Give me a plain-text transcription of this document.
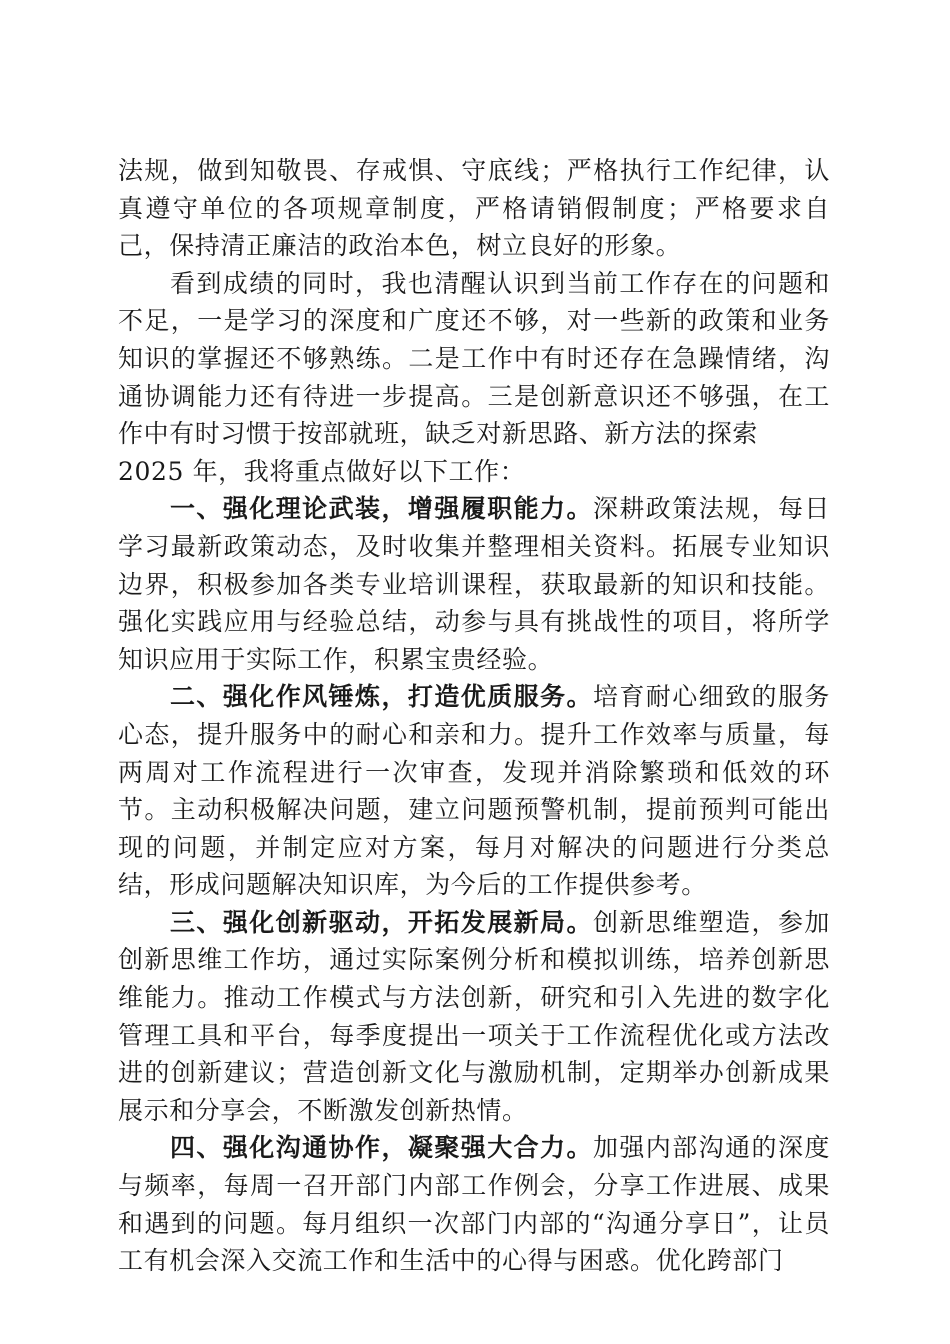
法规，做到知敬畏、存戒惧、守底线；严格执行工作纪律，认真遵守单位的各项规章制度，严格请销假制度；严格要求自己，保持清正廉洁的政治本色，树立良好的形象。

看到成绩的同时，我也清醒认识到当前工作存在的问题和不足，一是学习的深度和广度还不够，对一些新的政策和业务知识的掌握还不够熟练。二是工作中有时还存在急躁情绪，沟通协调能力还有待进一步提高。三是创新意识还不够强，在工作中有时习惯于按部就班，缺乏对新思路、新方法的探索

2025 年，我将重点做好以下工作：

一、强化理论武装，增强履职能力。深耕政策法规，每日学习最新政策动态，及时收集并整理相关资料。拓展专业知识边界，积极参加各类专业培训课程，获取最新的知识和技能。强化实践应用与经验总结，动参与具有挑战性的项目，将所学知识应用于实际工作，积累宝贵经验。

二、强化作风锤炼，打造优质服务。培育耐心细致的服务心态，提升服务中的耐心和亲和力。提升工作效率与质量，每两周对工作流程进行一次审查，发现并消除繁琐和低效的环节。主动积极解决问题，建立问题预警机制，提前预判可能出现的问题，并制定应对方案，每月对解决的问题进行分类总结，形成问题解决知识库，为今后的工作提供参考。

三、强化创新驱动，开拓发展新局。创新思维塑造，参加创新思维工作坊，通过实际案例分析和模拟训练，培养创新思维能力。推动工作模式与方法创新，研究和引入先进的数字化管理工具和平台，每季度提出一项关于工作流程优化或方法改进的创新建议；营造创新文化与激励机制，定期举办创新成果展示和分享会，不断激发创新热情。

四、强化沟通协作，凝聚强大合力。加强内部沟通的深度与频率，每周一召开部门内部工作例会，分享工作进展、成果和遇到的问题。每月组织一次部门内部的“沟通分享日”，让员工有机会深入交流工作和生活中的心得与困惑。优化跨部门
